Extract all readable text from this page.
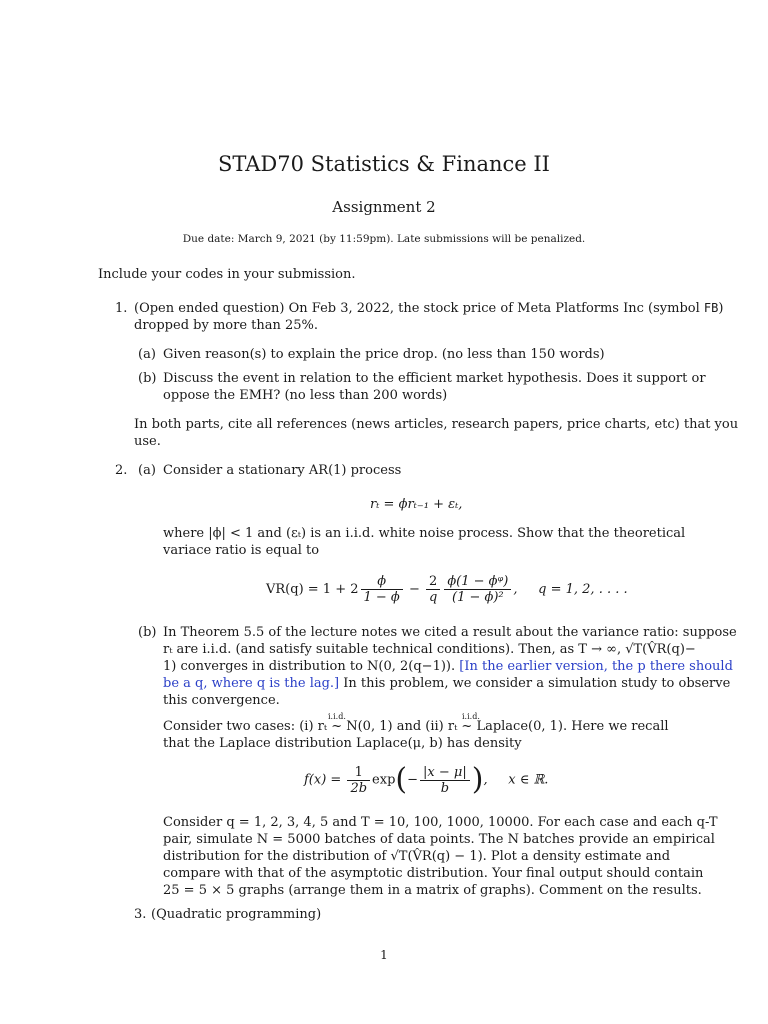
STAD70 Statistics & Finance II
Assignment 2
Due date: March 9, 2021 (by 11:59pm). Late submissions will be penalized.
Include your codes in your submission.
1. (Open ended question) On Feb 3, 2022, the stock price of Meta Platforms Inc (symbol FB)
dropped by more than 25%.
(a) Given reason(s) to explain the price drop. (no less than 150 words)
(b) Discuss the event in relation to the efficient market hypothesis. Does it support or
oppose the EMH? (no less than 200 words)
In both parts, cite all references (news articles, research papers, price charts, etc) that you
use.
2. (a) Consider a stationary AR(1) process
rₜ = ϕrₜ₋₁ + εₜ,
where |ϕ| < 1 and (εₜ) is an i.i.d. white noise process. Show that the theoretical
variace ratio is equal to
$VR(q) = 1 + 2 \frac{\phi}{1 - \phi} - \frac{2}{q} \frac{\text{ϕ(1 − ϕᵠ)}}{\text{(1 − ϕ)²}}$ ,     q = 1, 2, . . . .
(b) In Theorem 5.5 of the lecture notes we cited a result about the variance ratio: suppose
rₜ are i.i.d. (and satisfy suitable technical conditions). Then, as T → ∞, √T(V̂R(q)−
1) converges in distribution to N(0, 2(q−1)). [In the earlier version, the p there should
be a q, where q is the lag.] In this problem, we consider a simulation study to observe
this convergence.
i.i.d.	i.i.d.
Consider two cases: (i) rₜ ~ N(0, 1) and (ii) rₜ ~ Laplace(0, 1). Here we recall
that the Laplace distribution Laplace(μ, b) has density
$f(x) = \frac{1}{2b} \exp(- \frac{|x - \mu|}{b}$ ),     x ∈ ℝ.
Consider q = 1, 2, 3, 4, 5 and T = 10, 100, 1000, 10000. For each case and each q-T
pair, simulate N = 5000 batches of data points. The N batches provide an empirical
distribution for the distribution of √T(V̂R(q) − 1). Plot a density estimate and
compare with that of the asymptotic distribution. Your final output should contain
25 = 5 × 5 graphs (arrange them in a matrix of graphs). Comment on the results.
3. (Quadratic programming)
1
